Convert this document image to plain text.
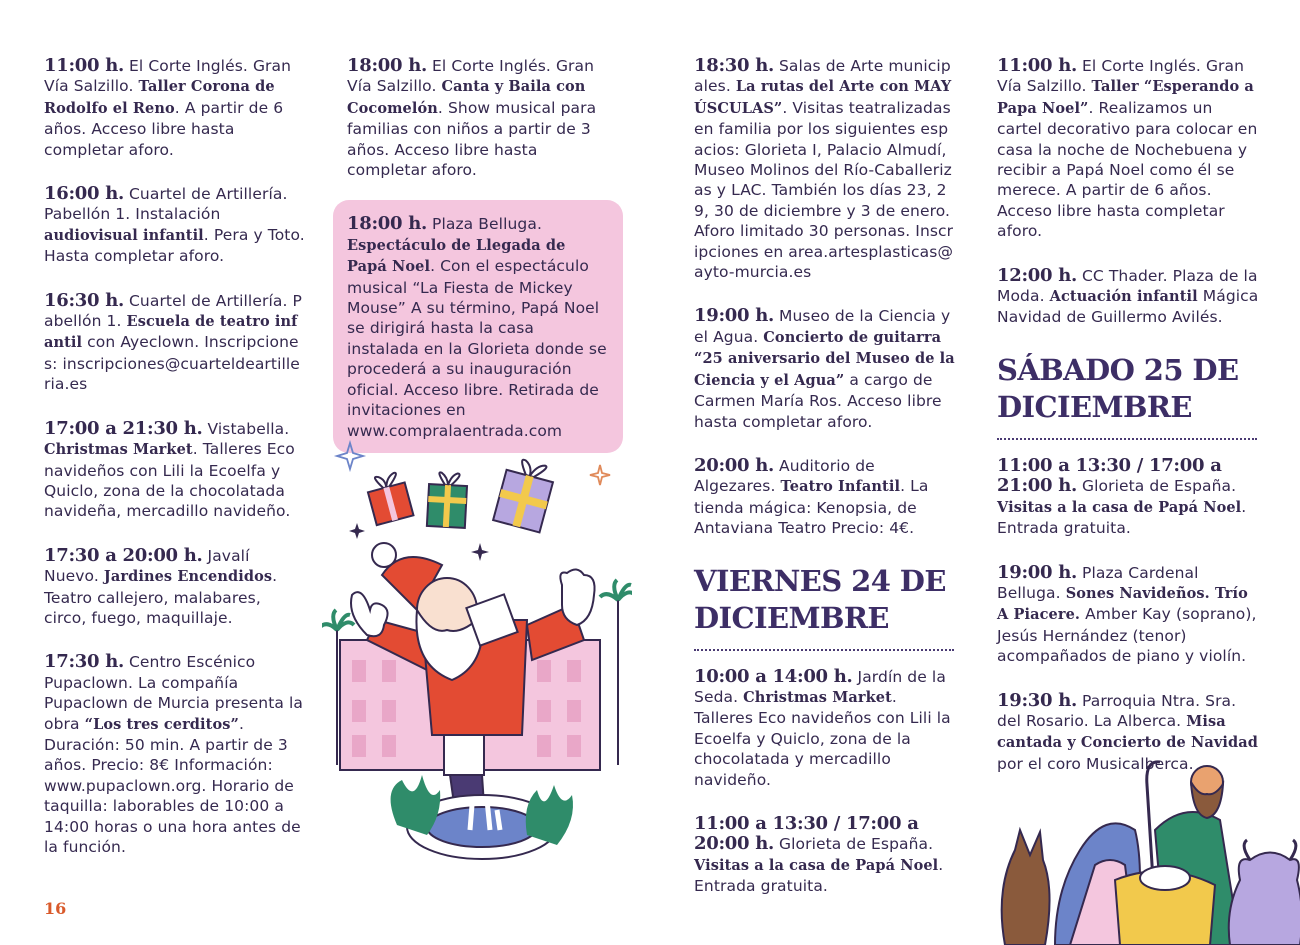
11:00 h. El Corte Inglés. Gran Vía Salzillo. Taller Corona de Rodolfo el Reno. A partir de 6 años. Acceso libre hasta completar aforo.

16:00 h. Cuartel de Artillería. Pabellón 1. Instalación audiovisual infantil. Pera y Toto. Hasta completar aforo.

16:30 h. Cuartel de Artillería. Pabellón 1. Escuela de teatro infantil con Ayeclown. Inscripciones: inscripciones@cuarteldeartilleria.es

17:00 a 21:30 h. Vistabella. Christmas Market. Talleres Eco navideños con Lili la Ecoelfa y Quiclo, zona de la chocolatada navideña, mercadillo navideño.

17:30 a 20:00 h. Javalí Nuevo. Jardines Encendidos. Teatro callejero, malabares, circo, fuego, maquillaje.

17:30 h. Centro Escénico Pupaclown. La compañía Pupaclown de Murcia presenta la obra “Los tres cerditos”. Duración: 50 min. A partir de 3 años. Precio: 8€ Información: www.pupaclown.org. Horario de taquilla: laborables de 10:00 a 14:00 horas o una hora antes de la función.

18:00 h. El Corte Inglés. Gran Vía Salzillo. Canta y Baila con Cocomelón. Show musical para familias con niños a partir de 3 años. Acceso libre hasta completar aforo.

18:00 h. Plaza Belluga. Espectáculo de Llegada de Papá Noel. Con el espectáculo musical “La Fiesta de Mickey Mouse” A su término, Papá Noel se dirigirá hasta la casa instalada en la Glorieta donde se procederá a su inauguración oficial. Acceso libre. Retirada de invitaciones en www.compralaentrada.com

18:30 h. Salas de Arte municipales. La rutas del Arte con MAYÚSCULAS”. Visitas teatralizadas en familia por los siguientes espacios: Glorieta I, Palacio Almudí, Museo Molinos del Río-Caballerizas y LAC. También los días 23, 29, 30 de diciembre y 3 de enero. Aforo limitado 30 personas. Inscripciones en area.artesplasticas@ayto-murcia.es

19:00 h. Museo de la Ciencia y el Agua. Concierto de guitarra “25 aniversario del Museo de la Ciencia y el Agua” a cargo de Carmen María Ros. Acceso libre hasta completar aforo.

20:00 h. Auditorio de Algezares. Teatro Infantil. La tienda mágica: Kenopsia, de Antaviana Teatro Precio: 4€.

VIERNES 24 DE DICIEMBRE

10:00 a 14:00 h. Jardín de la Seda. Christmas Market. Talleres Eco navideños con Lili la Ecoelfa y Quiclo, zona de la chocolatada y mercadillo navideño.

11:00 a 13:30 / 17:00 a 20:00 h. Glorieta de España. Visitas a la casa de Papá Noel. Entrada gratuita.

11:00 h. El Corte Inglés. Gran Vía Salzillo. Taller “Esperando a Papa Noel”. Realizamos un cartel decorativo para colocar en casa la noche de Nochebuena y recibir a Papá Noel como él se merece. A partir de 6 años. Acceso libre hasta completar aforo.

12:00 h. CC Thader. Plaza de la Moda. Actuación infantil Mágica Navidad de Guillermo Avilés.

SÁBADO 25 DE DICIEMBRE

11:00 a 13:30 / 17:00 a 21:00 h. Glorieta de España. Visitas a la casa de Papá Noel. Entrada gratuita.

19:00 h. Plaza Cardenal Belluga. Sones Navideños. Trío A Piacere. Amber Kay (soprano), Jesús Hernández (tenor) acompañados de piano y violín.

19:30 h. Parroquia Ntra. Sra. del Rosario. La Alberca. Misa cantada y Concierto de Navidad por el coro Musicalberca.

16
